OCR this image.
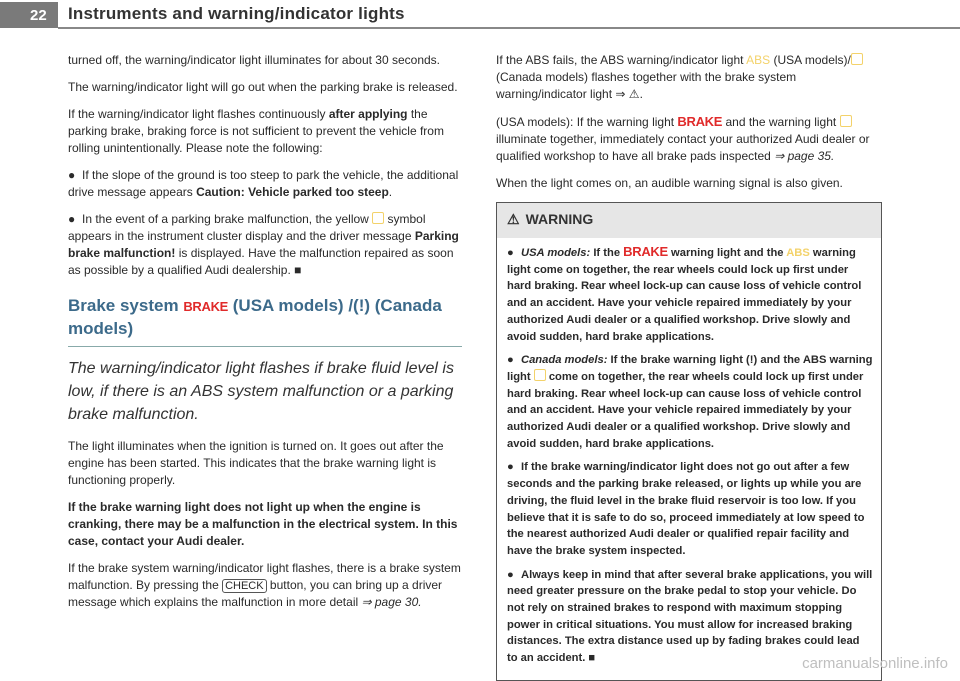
22 Instruments and warning/indicator lights

turned off, the warning/indicator light illuminates for about 30 seconds.

The warning/indicator light will go out when the parking brake is released.

If the warning/indicator light flashes continuously after applying the parking brake, braking force is not sufficient to prevent the vehicle from rolling unintentionally. Please note the following:

● If the slope of the ground is too steep to park the vehicle, the additional drive message appears Caution: Vehicle parked too steep.

● In the event of a parking brake malfunction, the yellow  symbol appears in the instrument cluster display and the driver message Parking brake malfunction! is displayed. Have the malfunction repaired as soon as possible by a qualified Audi dealership. ■

Brake system BRAKE (USA models) /(!) (Canada models)
The warning/indicator light flashes if brake fluid level is low, if there is an ABS system malfunction or a parking brake malfunction.

The light illuminates when the ignition is turned on. It goes out after the engine has been started. This indicates that the brake warning light is functioning properly.

If the brake warning light does not light up when the engine is cranking, there may be a malfunction in the electrical system. In this case, contact your Audi dealer.

If the brake system warning/indicator light flashes, there is a brake system malfunction. By pressing the CHECK button, you can bring up a driver message which explains the malfunction in more detail ⇒ page 30.

If the ABS fails, the ABS warning/indicator light ABS (USA models)/ (Canada models) flashes together with the brake system warning/indicator light ⇒ ⚠.

(USA models): If the warning light BRAKE and the warning light  illuminate together, immediately contact your authorized Audi dealer or qualified workshop to have all brake pads inspected ⇒ page 35.

When the light comes on, an audible warning signal is also given.

⚠ WARNING

● USA models: If the BRAKE warning light and the ABS warning light come on together, the rear wheels could lock up first under hard braking. Rear wheel lock-up can cause loss of vehicle control and an accident. Have your vehicle repaired immediately by your authorized Audi dealer or a qualified workshop. Drive slowly and avoid sudden, hard brake applications.

● Canada models: If the brake warning light (!) and the ABS warning light  come on together, the rear wheels could lock up first under hard braking. Rear wheel lock-up can cause loss of vehicle control and an accident. Have your vehicle repaired immediately by your authorized Audi dealer or a qualified workshop. Drive slowly and avoid sudden, hard brake applications.

● If the brake warning/indicator light does not go out after a few seconds and the parking brake released, or lights up while you are driving, the fluid level in the brake fluid reservoir is too low. If you believe that it is safe to do so, proceed immediately at low speed to the nearest authorized Audi dealer or qualified repair facility and have the brake system inspected.

● Always keep in mind that after several brake applications, you will need greater pressure on the brake pedal to stop your vehicle. Do not rely on strained brakes to respond with maximum stopping power in critical situations. You must allow for increased braking distances. The extra distance used up by fading brakes could lead to an accident. ■	carmanualsonline.info
